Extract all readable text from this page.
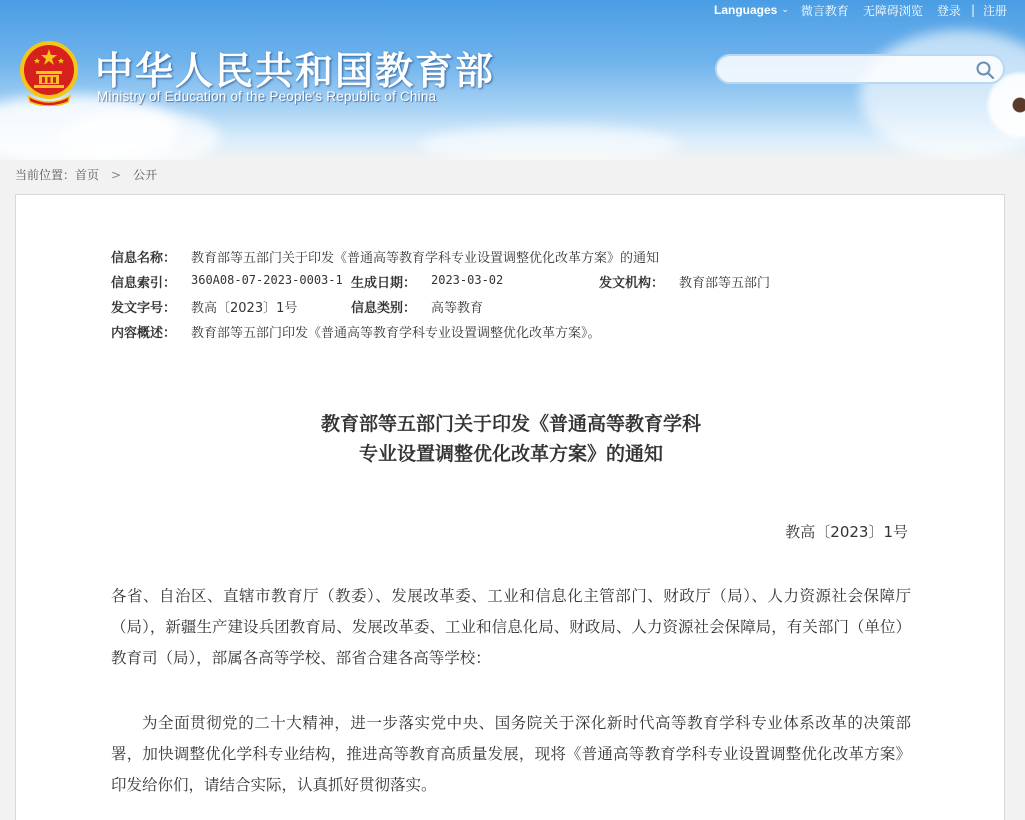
中华人民共和国教育部
Ministry of Education of the People's Republic of China
Languages ⌄ 微言教育 无障碍浏览 登录 | 注册
当前位置： 首页 > 公开
信息名称： 教育部等五部门关于印发《普通高等教育学科专业设置调整优化改革方案》的通知
信息索引： 360A08-07-2023-0003-1 生成日期： 2023-03-02	发文机构： 教育部等五部门
发文字号： 教高〔2023〕1号	信息类别： 高等教育
内容概述： 教育部等五部门印发《普通高等教育学科专业设置调整优化改革方案》。
教育部等五部门关于印发《普通高等教育学科
专业设置调整优化改革方案》的通知
教高〔2023〕1号

各省、自治区、直辖市教育厅（教委）、发展改革委、工业和信息化主管部门、财政厅（局）、人力资源社会保障厅（局），新疆生产建设兵团教育局、发展改革委、工业和信息化局、财政局、人力资源社会保障局，有关部门（单位）教育司（局），部属各高等学校、部省合建各高等学校：

为全面贯彻党的二十大精神，进一步落实党中央、国务院关于深化新时代高等教育学科专业体系改革的决策部署，加快调整优化学科专业结构，推进高等教育高质量发展，现将《普通高等教育学科专业设置调整优化改革方案》印发给你们，请结合实际，认真抓好贯彻落实。
